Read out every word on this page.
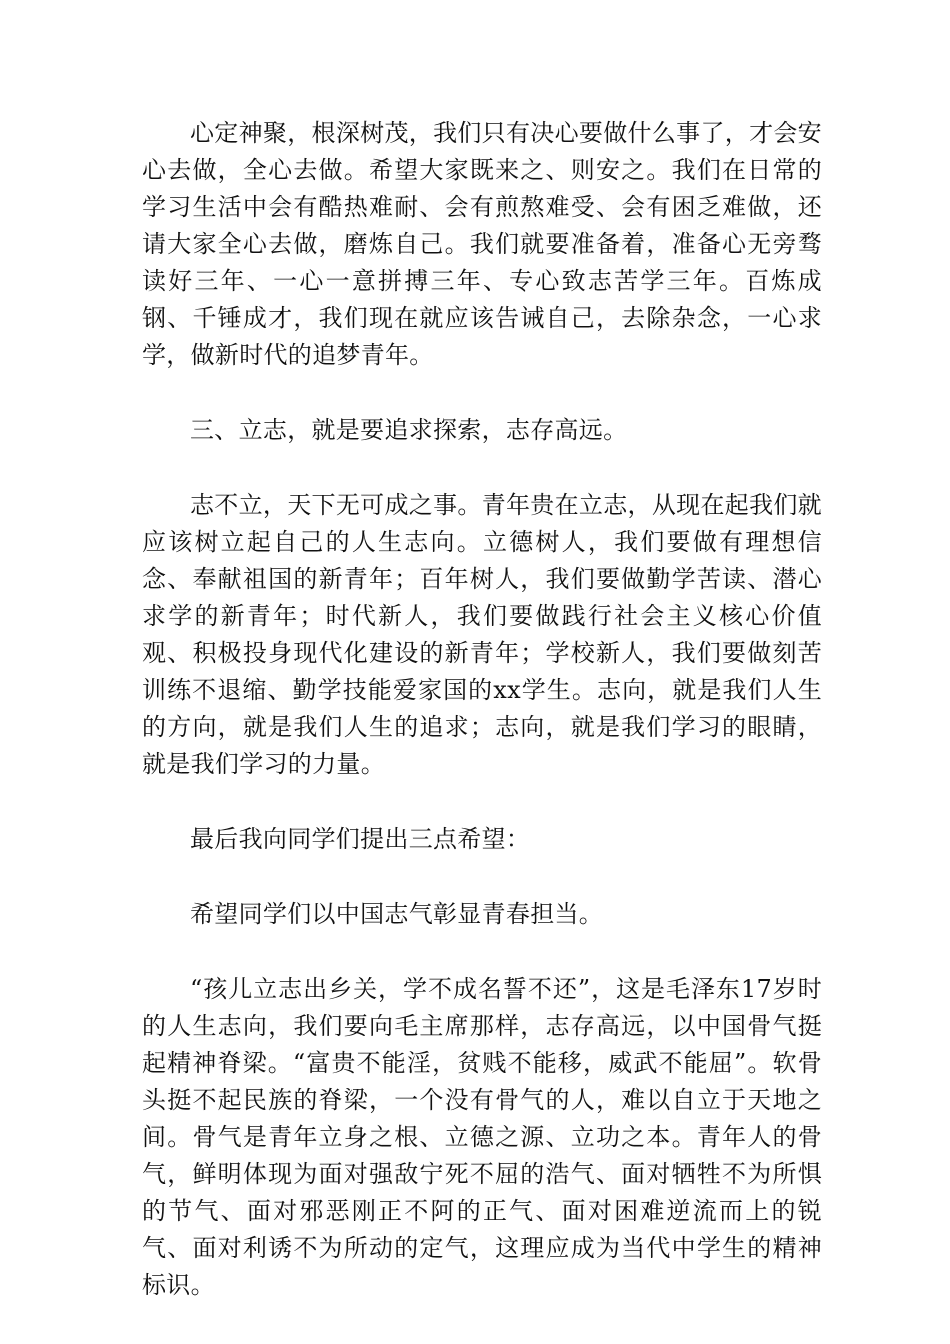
心定神聚，根深树茂，我们只有决心要做什么事了，才会安心去做，全心去做。希望大家既来之、则安之。我们在日常的学习生活中会有酷热难耐、会有煎熬难受、会有困乏难做，还请大家全心去做，磨炼自己。我们就要准备着，准备心无旁骛读好三年、一心一意拼搏三年、专心致志苦学三年。百炼成钢、千锤成才，我们现在就应该告诫自己，去除杂念，一心求学，做新时代的追梦青年。

三、立志，就是要追求探索，志存高远。

志不立，天下无可成之事。青年贵在立志，从现在起我们就应该树立起自己的人生志向。立德树人，我们要做有理想信念、奉献祖国的新青年；百年树人，我们要做勤学苦读、潜心求学的新青年；时代新人，我们要做践行社会主义核心价值观、积极投身现代化建设的新青年；学校新人，我们要做刻苦训练不退缩、勤学技能爱家国的xx学生。志向，就是我们人生的方向，就是我们人生的追求；志向，就是我们学习的眼睛，就是我们学习的力量。

最后我向同学们提出三点希望：

希望同学们以中国志气彰显青春担当。

“孩儿立志出乡关，学不成名誓不还”，这是毛泽东17岁时的人生志向，我们要向毛主席那样，志存高远，以中国骨气挺起精神脊梁。“富贵不能淫，贫贱不能移，威武不能屈”。软骨头挺不起民族的脊梁，一个没有骨气的人，难以自立于天地之间。骨气是青年立身之根、立德之源、立功之本。青年人的骨气，鲜明体现为面对强敌宁死不屈的浩气、面对牺牲不为所惧的节气、面对邪恶刚正不阿的正气、面对困难逆流而上的锐气、面对利诱不为所动的定气，这理应成为当代中学生的精神标识。
